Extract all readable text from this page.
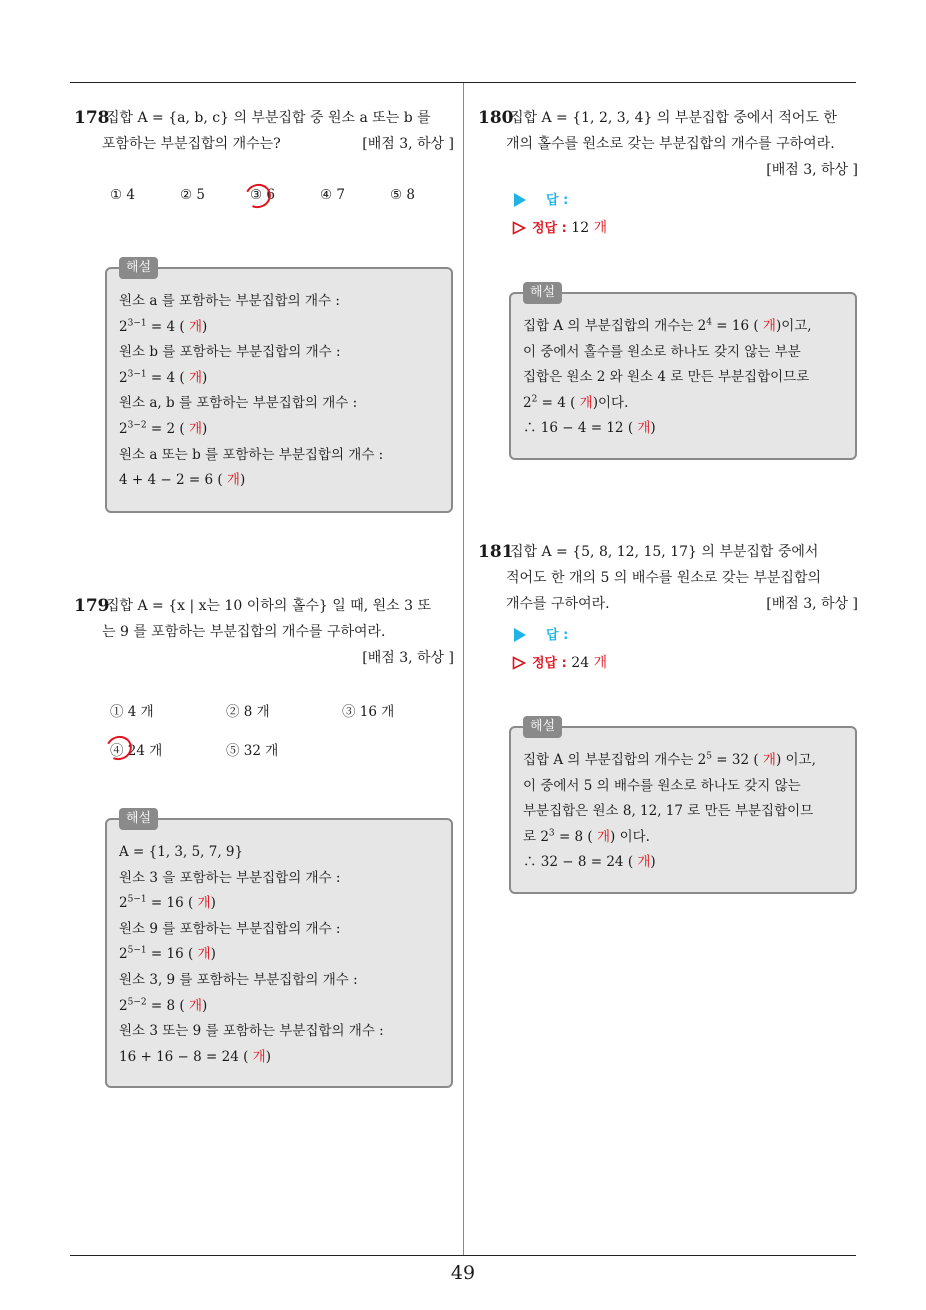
49
178
집합 A = {a, b, c} 의 부분집합 중 원소 a 또는 b 를
포함하는 부분집합의 개수는?	[배점 3, 하상 ]
① 4	② 5	③ 6	④ 7	⑤ 8
해설
원소 a 를 포함하는 부분집합의 개수 :
$2^{3-1} = 4$ ( 개)
원소 b 를 포함하는 부분집합의 개수 :
$2^{3-1} = 4$ ( 개)
원소 a, b 를 포함하는 부분집합의 개수 :
$2^{3-2} = 2$ ( 개)
원소 a 또는 b 를 포함하는 부분집합의 개수 :
4 + 4 − 2 = 6 ( 개)
179
집합 A = {x | x는 10 이하의 홀수} 일 때, 원소 3 또
는 9 를 포함하는 부분집합의 개수를 구하여라.
[배점 3, 하상 ]
① 4 개	② 8 개	③ 16 개
④ 24 개	⑤ 32 개
해설
A = {1, 3, 5, 7, 9}
원소 3 을 포함하는 부분집합의 개수 :
$2^{5-1} = 16$ ( 개)
원소 9 를 포함하는 부분집합의 개수 :
$2^{5-1} = 16$ ( 개)
원소 3, 9 를 포함하는 부분집합의 개수 :
$2^{5-2} = 8$ ( 개)
원소 3 또는 9 를 포함하는 부분집합의 개수 :
16 + 16 − 8 = 24 ( 개)
180
집합 A = {1, 2, 3, 4} 의 부분집합 중에서 적어도 한
개의 홀수를 원소로 갖는 부분집합의 개수를 구하여라.
[배점 3, 하상 ]
답 :
정답 : 12 개
해설
집합 A 의 부분집합의 개수는 $2^4 = 16$ ( 개)이고,
이 중에서 홀수를 원소로 하나도 갖지 않는 부분
집합은 원소 2 와 원소 4 로 만든 부분집합이므로
$2^2 = 4$ ( 개)이다.
∴ 16 − 4 = 12 ( 개)
181
집합 A = {5, 8, 12, 15, 17} 의 부분집합 중에서
적어도 한 개의 5 의 배수를 원소로 갖는 부분집합의
개수를 구하여라.	[배점 3, 하상 ]
답 :
정답 : 24 개
해설
집합 A 의 부분집합의 개수는 $2^5 = 32$ ( 개) 이고,
이 중에서 5 의 배수를 원소로 하나도 갖지 않는
부분집합은 원소 8, 12, 17 로 만든 부분집합이므
로 $2^3 = 8$ ( 개) 이다.
∴ 32 − 8 = 24 ( 개)
